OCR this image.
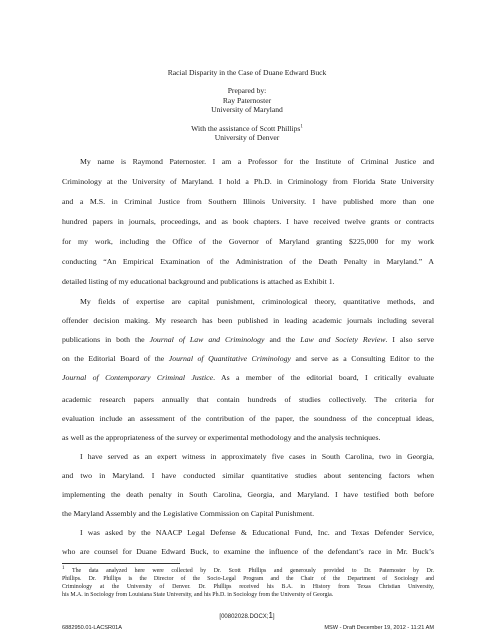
Racial Disparity in the Case of Duane Edward Buck
Prepared by:
Ray Paternoster
University of Maryland
With the assistance of Scott Phillips$^1$
University of Denver
My name is Raymond Paternoster. I am a Professor for the Institute of Criminal Justice and
Criminology at the University of Maryland. I hold a Ph.D. in Criminology from Florida State University
and a M.S. in Criminal Justice from Southern Illinois University. I have published more than one
hundred papers in journals, proceedings, and as book chapters. I have received twelve grants or contracts
for my work, including the Office of the Governor of Maryland granting $225,000 for my work
conducting “An Empirical Examination of the Administration of the Death Penalty in Maryland.” A
detailed listing of my educational background and publications is attached as Exhibit 1.
My fields of expertise are capital punishment, criminological theory, quantitative methods, and
offender decision making. My research has been published in leading academic journals including several
publications in both the Journal of Law and Criminology and the Law and Society Review. I also serve
on the Editorial Board of the Journal of Quantitative Criminology and serve as a Consulting Editor to the
Journal of Contemporary Criminal Justice. As a member of the editorial board, I critically evaluate
academic research papers annually that contain hundreds of studies collectively. The criteria for
evaluation include an assessment of the contribution of the paper, the soundness of the conceptual ideas,
as well as the appropriateness of the survey or experimental methodology and the analysis techniques.
I have served as an expert witness in approximately five cases in South Carolina, two in Georgia,
and two in Maryland. I have conducted similar quantitative studies about sentencing factors when
implementing the death penalty in South Carolina, Georgia, and Maryland. I have testified both before
the Maryland Assembly and the Legislative Commission on Capital Punishment.
$^1$ The data analyzed here were collected by Dr. Scott Phillips and generously provided to Dr. Paternoster by Dr.
Phillips. Dr. Phillips is the Director of the Socio-Legal Program and the Chair of the Department of Sociology and
Criminology at the University of Denver. Dr. Phillips received his B.A. in History from Texas Christian University,
his M.A. in Sociology from Louisiana State University, and his Ph.D. in Sociology from the University of Georgia.
[00802028.DOCX;1]
6882950.01-LACSR01A	MSW - Draft December 19, 2012 - 11:21 AM
I was asked by the NAACP Legal Defense & Educational Fund, Inc. and Texas Defender Service,
who are counsel for Duane Edward Buck, to examine the influence of the defendant’s race in Mr. Buck’s
